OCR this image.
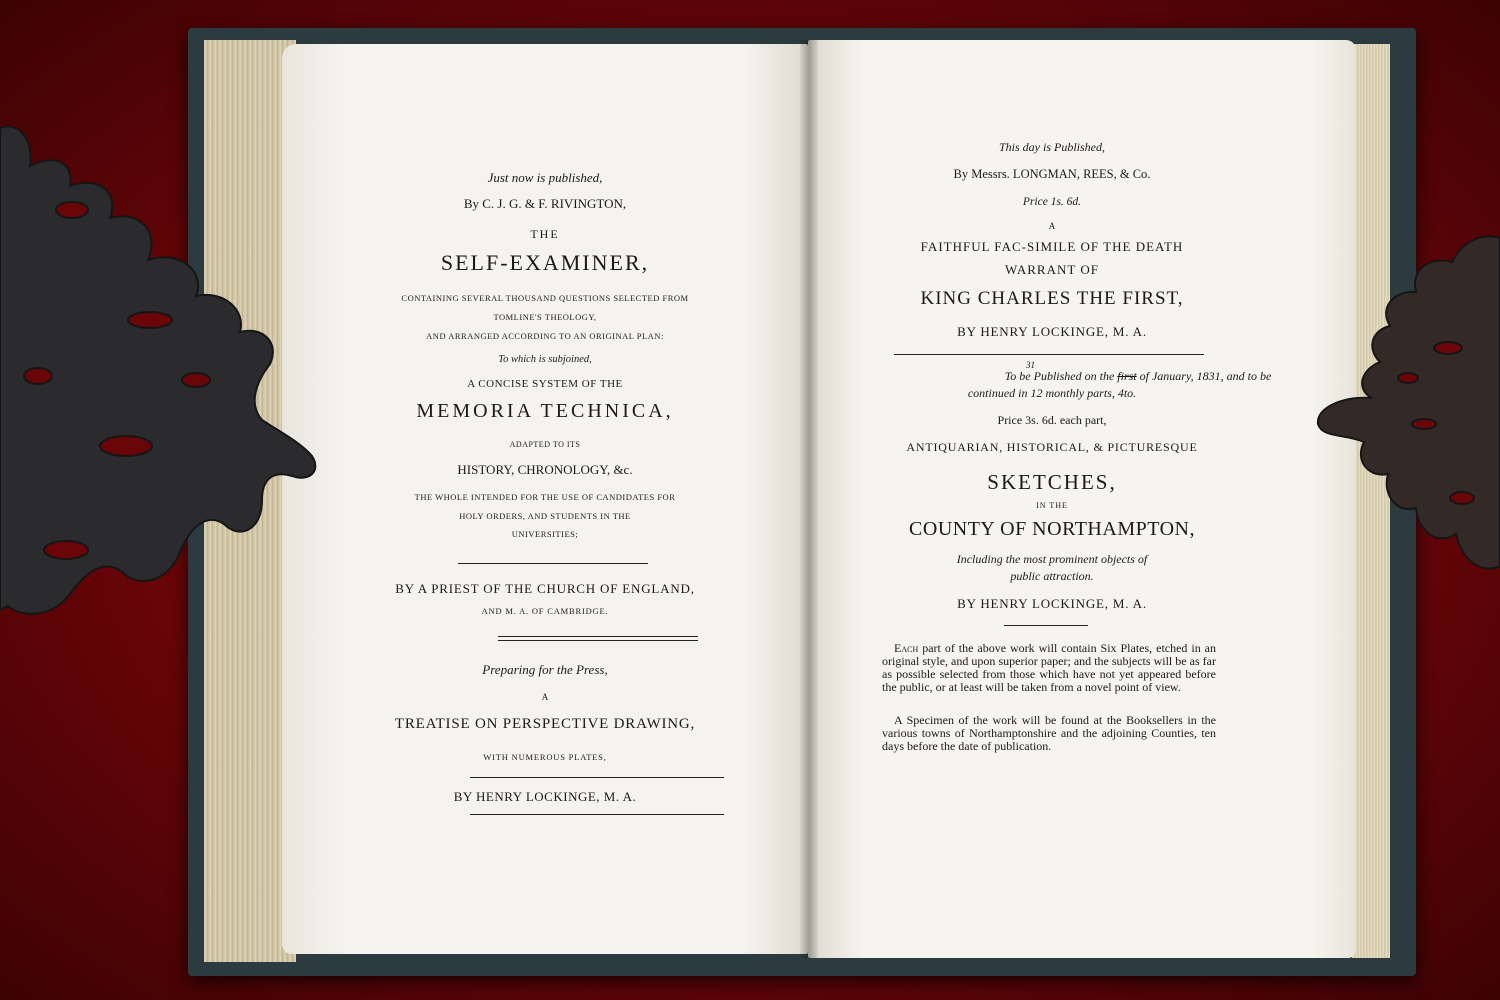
Just now is published,
By C. J. G. & F. RIVINGTON,
THE
SELF-EXAMINER,
CONTAINING SEVERAL THOUSAND QUESTIONS SELECTED FROM
TOMLINE'S THEOLOGY,
AND ARRANGED ACCORDING TO AN ORIGINAL PLAN:
To which is subjoined,
A CONCISE SYSTEM OF THE
MEMORIA TECHNICA,
ADAPTED TO ITS
HISTORY, CHRONOLOGY, &c.
THE WHOLE INTENDED FOR THE USE OF CANDIDATES FOR
HOLY ORDERS, AND STUDENTS IN THE
UNIVERSITIES;
BY A PRIEST OF THE CHURCH OF ENGLAND,
AND M. A. OF CAMBRIDGE.
Preparing for the Press,
A
TREATISE ON PERSPECTIVE DRAWING,
WITH NUMEROUS PLATES,
BY HENRY LOCKINGE, M. A.
This day is Published,
By Messrs. LONGMAN, REES, & Co.
Price 1s. 6d.
A
FAITHFUL FAC-SIMILE OF THE DEATH
WARRANT OF
KING CHARLES THE FIRST,
BY HENRY LOCKINGE, M. A.
31
To be Published on the first of January, 1831, and to be
continued in 12 monthly parts, 4to.
Price 3s. 6d. each part,
ANTIQUARIAN, HISTORICAL, & PICTURESQUE
SKETCHES,
IN THE
COUNTY OF NORTHAMPTON,
Including the most prominent objects of
public attraction.
BY HENRY LOCKINGE, M. A.
Each part of the above work will contain Six Plates, etched in an original style, and upon superior paper; and the subjects will be as far as possible selected from those which have not yet appeared before the public, or at least will be taken from a novel point of view.
A Specimen of the work will be found at the Booksellers in the various towns of Northamptonshire and the adjoining Counties, ten days before the date of publication.
